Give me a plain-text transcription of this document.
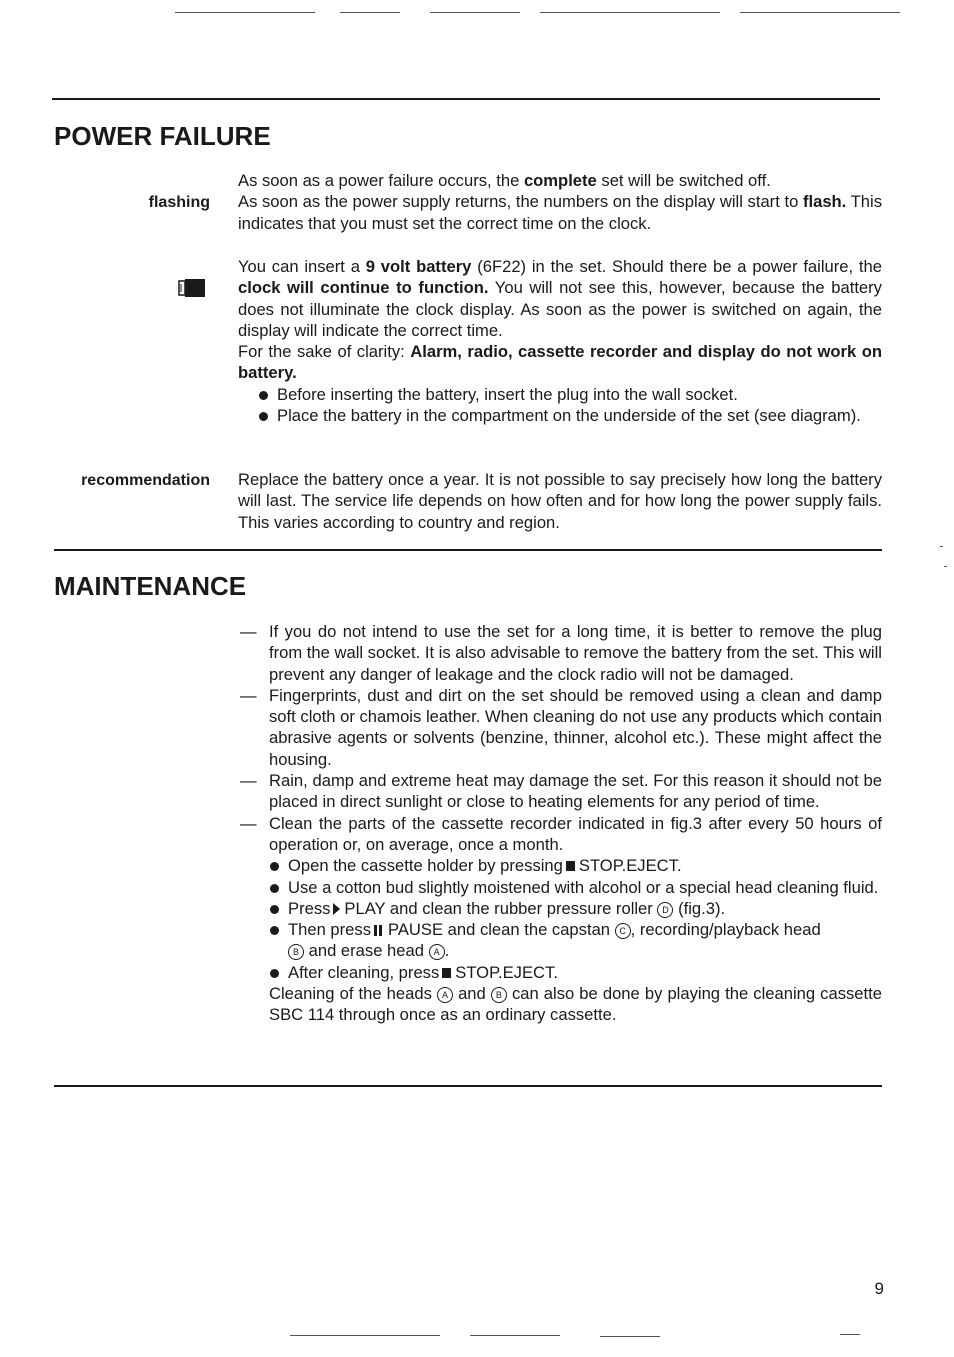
POWER FAILURE
flashing

As soon as a power failure occurs, the complete set will be switched off.
As soon as the power supply returns, the numbers on the display will start to flash. This indicates that you must set the correct time on the clock.

You can insert a 9 volt battery (6F22) in the set. Should there be a power failure, the clock will continue to function. You will not see this, however, because the battery does not illuminate the clock display. As soon as the power is switched on again, the display will indicate the correct time.
For the sake of clarity: Alarm, radio, cassette recorder and display do not work on battery.

Before inserting the battery, insert the plug into the wall socket.
Place the battery in the compartment on the underside of the set (see diagram).
recommendation Replace the battery once a year. It is not possible to say precisely how long the battery will last. The service life depends on how often and for how long the power supply fails. This varies according to country and region.

MAINTENANCE
— If you do not intend to use the set for a long time, it is better to remove the plug from the wall socket. It is also advisable to remove the battery from the set. This will prevent any danger of leakage and the clock radio will not be damaged.
— Fingerprints, dust and dirt on the set should be removed using a clean and damp soft cloth or chamois leather. When cleaning do not use any products which contain abrasive agents or solvents (benzine, thinner, alcohol etc.). These might affect the housing.
— Rain, damp and extreme heat may damage the set. For this reason it should not be placed in direct sunlight or close to heating elements for any period of time.
— Clean the parts of the cassette recorder indicated in fig.3 after every 50 hours of operation or, on average, once a month.
Open the cassette holder by pressing STOP.EJECT.
Use a cotton bud slightly moistened with alcohol or a special head cleaning fluid.
Press PLAY and clean the rubber pressure roller D (fig.3).
Then press PAUSE and clean the capstan C , recording/playback head
B and erase head A .
After cleaning, press STOP.EJECT.
Cleaning of the heads A and B can also be done by playing the cleaning cassette SBC 114 through once as an ordinary cassette.
9
